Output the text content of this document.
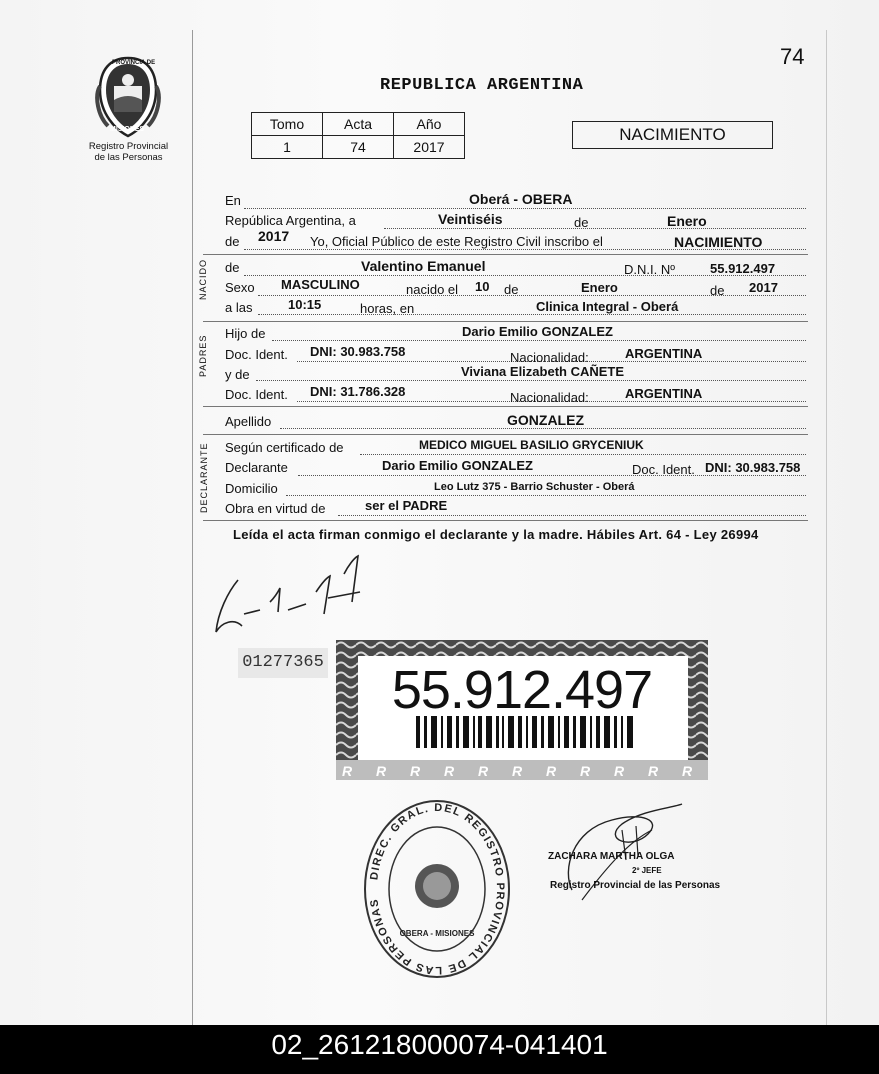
74
PROVINCIA DE
MISIONES
Registro Provincial
de las Personas
REPUBLICA ARGENTINA
Tomo	Acta	Año
1	74	2017
NACIMIENTO
En	Oberá - OBERA
República Argentina, a	Veintiséis	de	Enero
de 2017 Yo, Oficial Público de este Registro Civil inscribo el	NACIMIENTO
NACIDO de	Valentino Emanuel	D.N.I. Nº	55.912.497
Sexo MASCULINO	nacido el 10 de	Enero	de 2017
a las	10:15	horas, en	Clinica Integral - Oberá
PADRES
Hijo de	Dario Emilio GONZALEZ
Doc. Ident. DNI: 30.983.758	Nacionalidad:	ARGENTINA
y de	Viviana Elizabeth CAÑETE
Doc. Ident. DNI: 31.786.328	Nacionalidad:	ARGENTINA
Apellido	GONZALEZ
DECLARANTE Según certificado de	MEDICO MIGUEL BASILIO GRYCENIUK
Declarante	Dario Emilio GONZALEZ	Doc. Ident. DNI: 30.983.758
Domicilio	Leo Lutz 375 - Barrio Schuster - Oberá
Obra en virtud de	ser el PADRE
Leída el acta firman conmigo el declarante y la madre. Hábiles Art. 64 - Ley 26994
01277365
R R R R R R R R R R R
55.912.497
DIREC. GRAL. DEL REGISTRO PROVINCIAL DE LAS PERSONAS
OBERA - MISIONES
ZACHARA MARTHA OLGA
2º JEFE
Registro Provincial de las Personas
02_261218000074-041401
